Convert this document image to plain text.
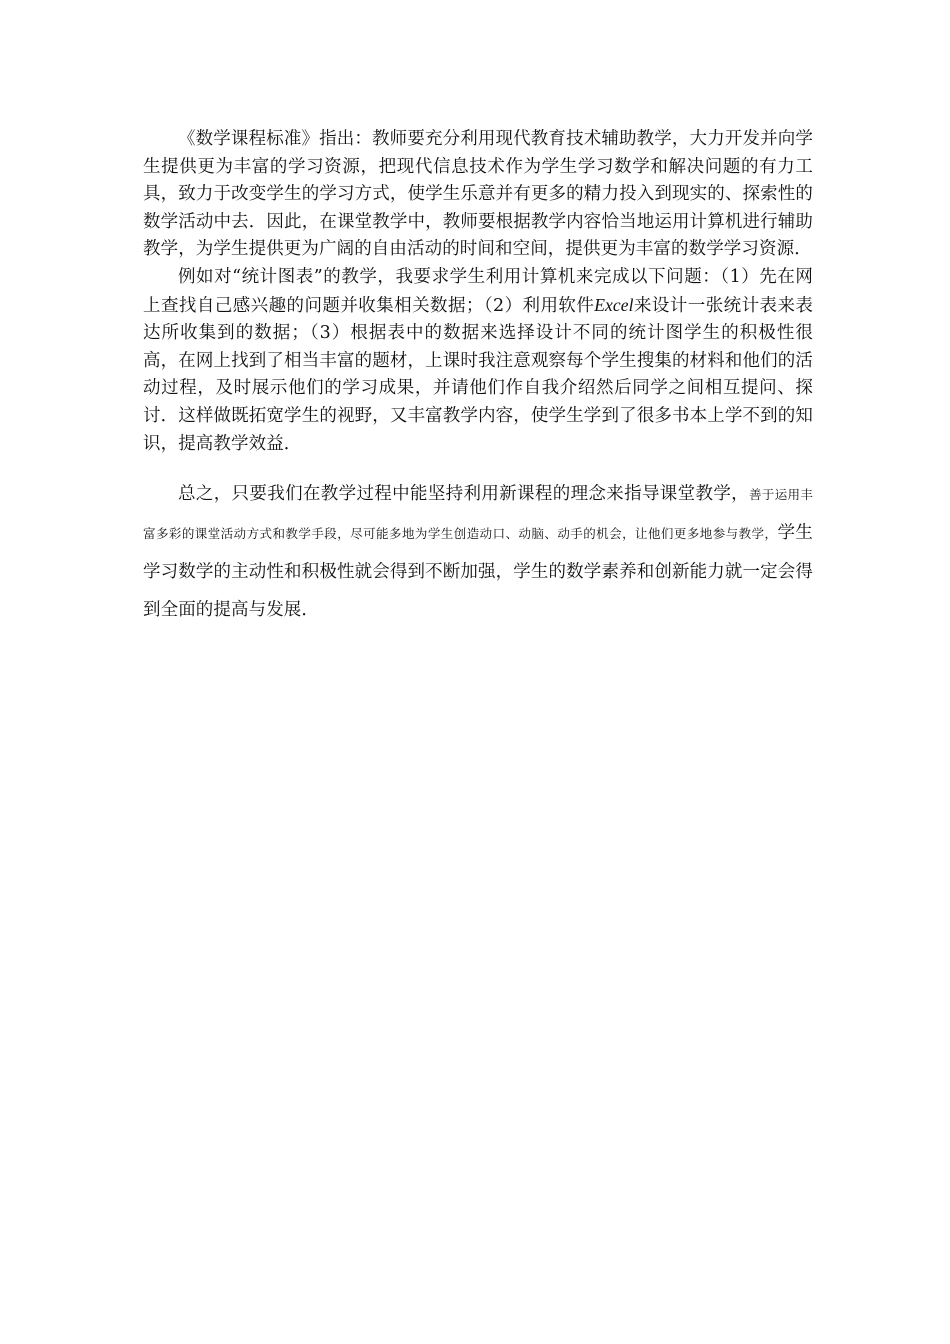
《数学课程标准》指出：教师要充分利用现代教育技术辅助教学，大力开发并向学生提供更为丰富的学习资源，把现代信息技术作为学生学习数学和解决问题的有力工具，致力于改变学生的学习方式，使学生乐意并有更多的精力投入到现实的、探索性的数学活动中去．因此，在课堂教学中，教师要根据教学内容恰当地运用计算机进行辅助教学，为学生提供更为广阔的自由活动的时间和空间，提供更为丰富的数学学习资源．

例如对“统计图表”的教学，我要求学生利用计算机来完成以下问题：（1）先在网上查找自己感兴趣的问题并收集相关数据；（2）利用软件Excel来设计一张统计表来表达所收集到的数据；（3）根据表中的数据来选择设计不同的统计图学生的积极性很高，在网上找到了相当丰富的题材，上课时我注意观察每个学生搜集的材料和他们的活动过程，及时展示他们的学习成果，并请他们作自我介绍然后同学之间相互提问、探讨．这样做既拓宽学生的视野，又丰富教学内容，使学生学到了很多书本上学不到的知识，提高教学效益．

总之，只要我们在教学过程中能坚持利用新课程的理念来指导课堂教学，善于运用丰富多彩的课堂活动方式和教学手段，尽可能多地为学生创造动口、动脑、动手的机会，让他们更多地参与教学，学生学习数学的主动性和积极性就会得到不断加强，学生的数学素养和创新能力就一定会得到全面的提高与发展．
